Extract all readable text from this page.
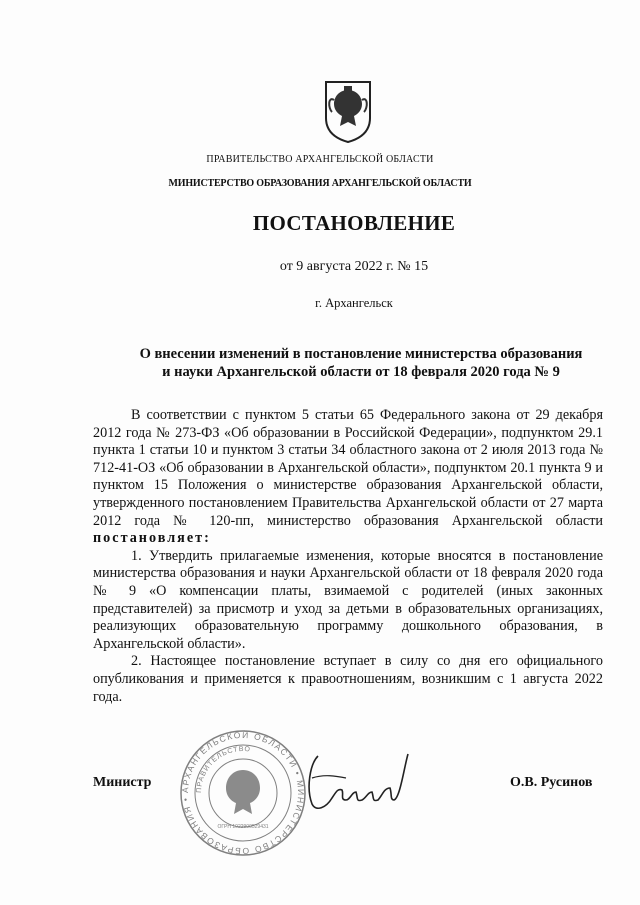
ПРАВИТЕЛЬСТВО АРХАНГЕЛЬСКОЙ ОБЛАСТИ
МИНИСТЕРСТВО ОБРАЗОВАНИЯ АРХАНГЕЛЬСКОЙ ОБЛАСТИ
ПОСТАНОВЛЕНИЕ
от 9 августа 2022 г. № 15
г. Архангельск
О внесении изменений в постановление министерства образования
и науки Архангельской области от 18 февраля 2020 года № 9

В соответствии с пунктом 5 статьи 65 Федерального закона от 29 декабря 2012 года № 273-ФЗ «Об образовании в Российской Федерации», подпунктом 29.1 пункта 1 статьи 10 и пунктом 3 статьи 34 областного закона от 2 июля 2013 года № 712-41-ОЗ «Об образовании в Архангельской области», подпунктом 20.1 пункта 9 и пунктом 15 Положения о министерстве образования Архангельской области, утвержденного постановлением Правительства Архангельской области от 27 марта 2012 года № 120-пп, министерство образования Архангельской области постановляет:

1. Утвердить прилагаемые изменения, которые вносятся в постановление министерства образования и науки Архангельской области от 18 февраля 2020 года № 9 «О компенсации платы, взимаемой с родителей (иных законных представителей) за присмотр и уход за детьми в образовательных организациях, реализующих образовательную программу дошкольного образования, в Архангельской области».

2. Настоящее постановление вступает в силу со дня его официального опубликования и применяется к правоотношениям, возникшим с 1 августа 2022 года.

АРХАНГЕЛЬСКОЙ ОБЛАСТИ • МИНИСТЕРСТВО ОБРАЗОВАНИЯ •
ПРАВИТЕЛЬСТВО
ОГРН 1022900529431
Министр	О.В. Русинов
